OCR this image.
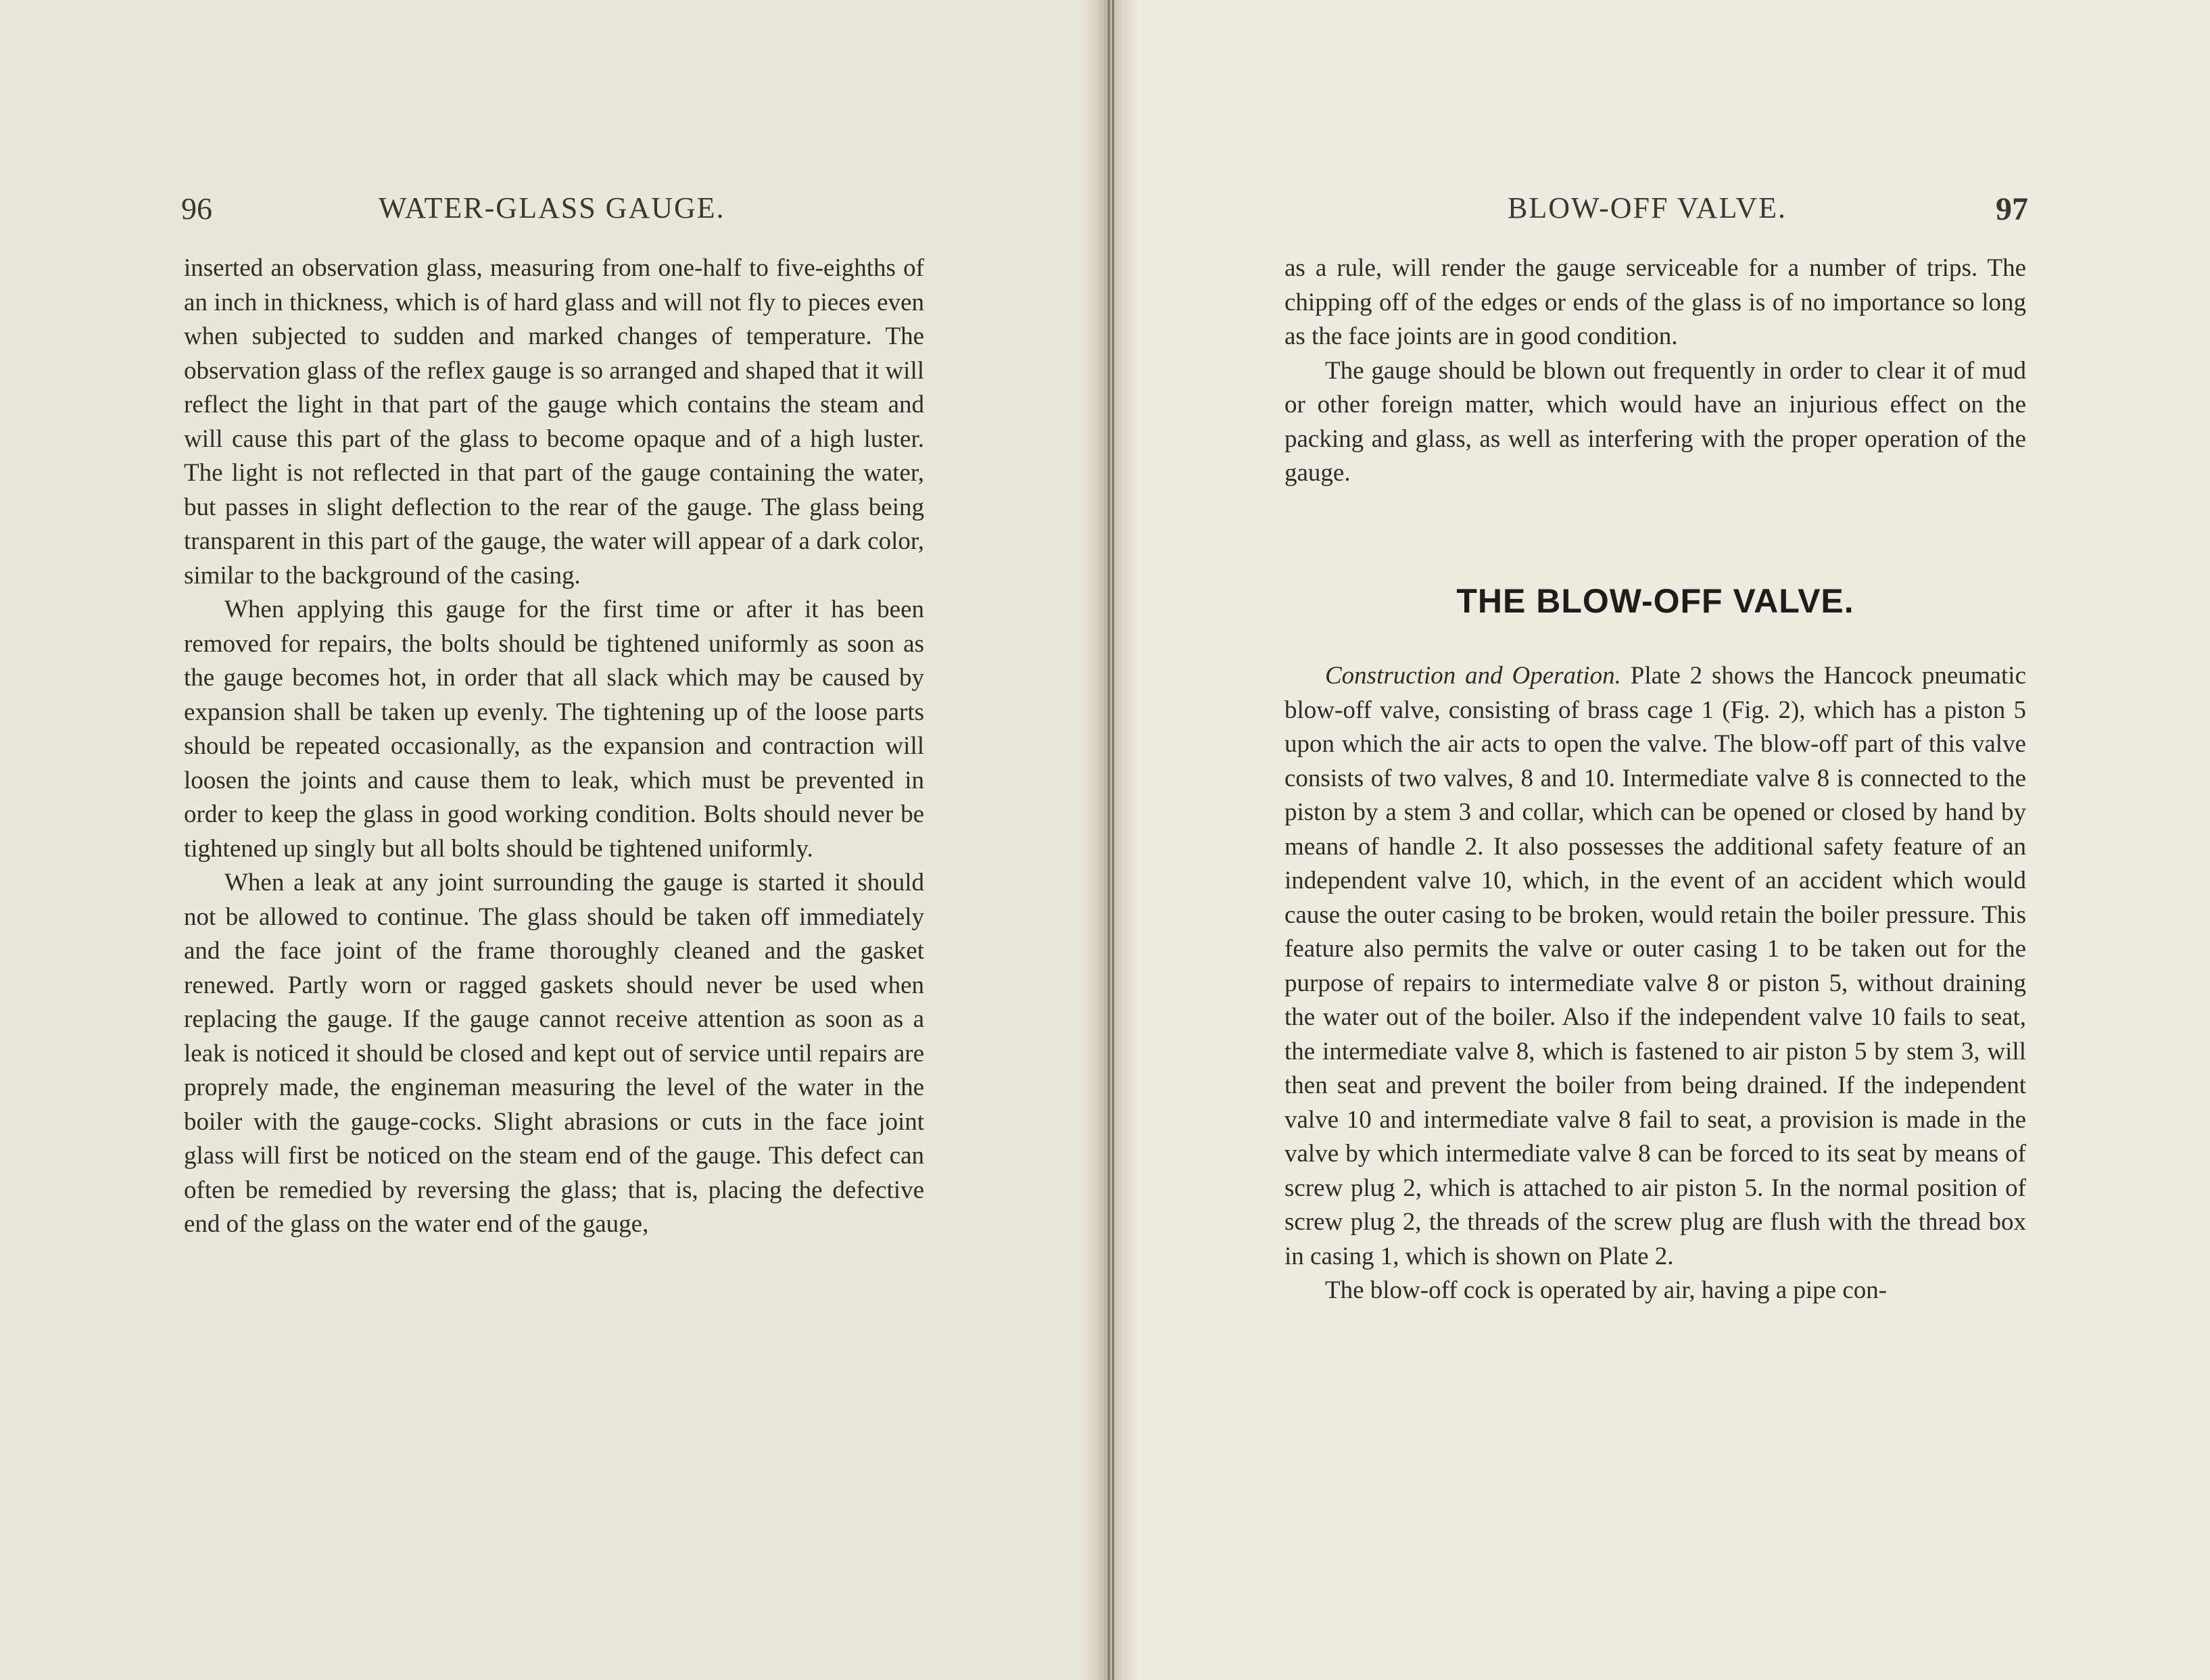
96	WATER-GLASS GAUGE.

inserted an observation glass, measuring from one-half to five-eighths of an inch in thickness, which is of hard glass and will not fly to pieces even when subjected to sudden and marked changes of temperature. The observation glass of the reflex gauge is so arranged and shaped that it will reflect the light in that part of the gauge which contains the steam and will cause this part of the glass to become opaque and of a high luster. The light is not reflected in that part of the gauge containing the water, but passes in slight deflection to the rear of the gauge. The glass being transparent in this part of the gauge, the water will appear of a dark color, similar to the background of the casing.

When applying this gauge for the first time or after it has been removed for repairs, the bolts should be tightened uniformly as soon as the gauge becomes hot, in order that all slack which may be caused by expansion shall be taken up evenly. The tightening up of the loose parts should be repeated occasionally, as the expansion and contraction will loosen the joints and cause them to leak, which must be prevented in order to keep the glass in good working condition. Bolts should never be tightened up singly but all bolts should be tightened uniformly.

When a leak at any joint surrounding the gauge is started it should not be allowed to continue. The glass should be taken off immediately and the face joint of the frame thoroughly cleaned and the gasket renewed. Partly worn or ragged gaskets should never be used when replacing the gauge. If the gauge cannot receive attention as soon as a leak is noticed it should be closed and kept out of service until repairs are proprely made, the engineman measuring the level of the water in the boiler with the gauge-cocks. Slight abrasions or cuts in the face joint glass will first be noticed on the steam end of the gauge. This defect can often be remedied by reversing the glass; that is, placing the defective end of the glass on the water end of the gauge,

BLOW-OFF VALVE.	97

as a rule, will render the gauge serviceable for a number of trips. The chipping off of the edges or ends of the glass is of no importance so long as the face joints are in good condition.

The gauge should be blown out frequently in order to clear it of mud or other foreign matter, which would have an injurious effect on the packing and glass, as well as interfering with the proper operation of the gauge.

THE BLOW-OFF VALVE.

Construction and Operation. Plate 2 shows the Hancock pneumatic blow-off valve, consisting of brass cage 1 (Fig. 2), which has a piston 5 upon which the air acts to open the valve. The blow-off part of this valve consists of two valves, 8 and 10. Intermediate valve 8 is connected to the piston by a stem 3 and collar, which can be opened or closed by hand by means of handle 2. It also possesses the additional safety feature of an independent valve 10, which, in the event of an accident which would cause the outer casing to be broken, would retain the boiler pressure. This feature also permits the valve or outer casing 1 to be taken out for the purpose of repairs to intermediate valve 8 or piston 5, without draining the water out of the boiler. Also if the independent valve 10 fails to seat, the intermediate valve 8, which is fastened to air piston 5 by stem 3, will then seat and prevent the boiler from being drained. If the independent valve 10 and intermediate valve 8 fail to seat, a provision is made in the valve by which intermediate valve 8 can be forced to its seat by means of screw plug 2, which is attached to air piston 5. In the normal position of screw plug 2, the threads of the screw plug are flush with the thread box in casing 1, which is shown on Plate 2.

The blow-off cock is operated by air, having a pipe con-
